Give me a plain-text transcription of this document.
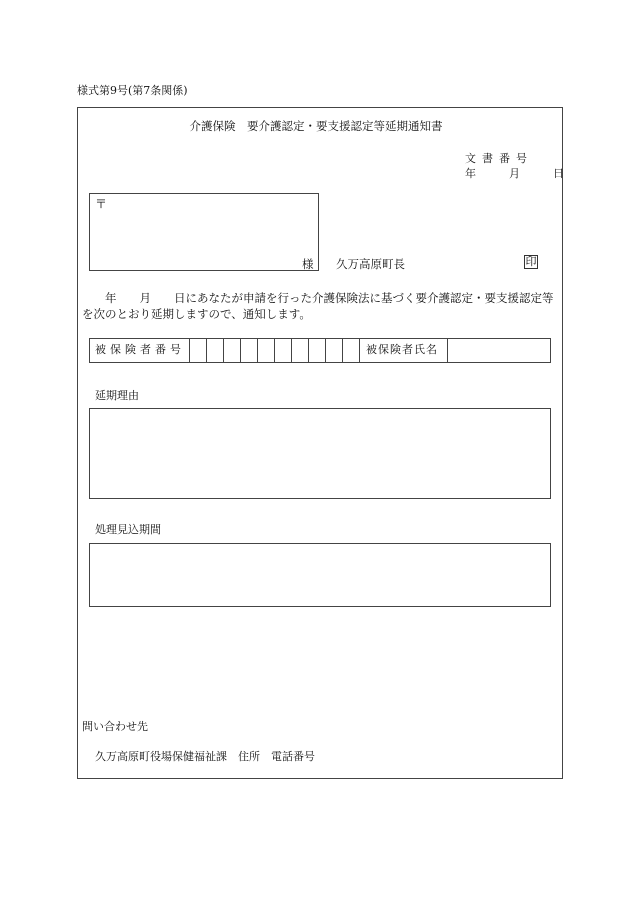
様式第9号(第7条関係)
介護保険　要介護認定・要支援認定等延期通知書
文書番号
年	月	日
〒
様 久万高原町長	印
　　年　　月　　日にあなたが申請を行った介護保険法に基づく要介護認定・要支援認定等を次のとおり延期しますので、通知します。
被保険者番号	被保険者氏名
延期理由
処理見込期間
問い合わせ先
久万高原町役場保健福祉課　住所　電話番号
